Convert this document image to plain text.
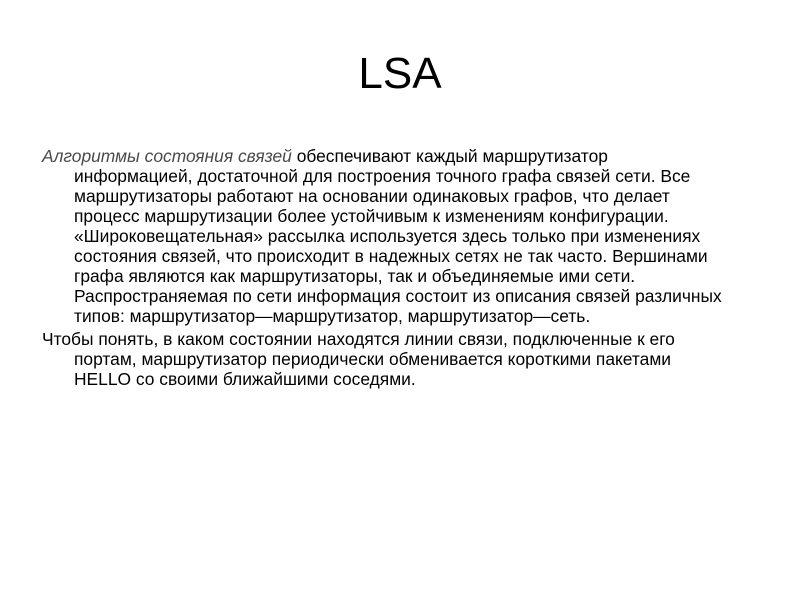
LSA

Алгоритмы состояния связей обеспечивают каждый маршрутизатор информацией, достаточной для построения точного графа связей сети. Все маршрутизаторы работают на основании одинаковых графов, что делает процесс маршрутизации более устойчивым к изменениям конфигурации. «Широковещательная» рассылка используется здесь только при изменениях состояния связей, что происходит в надежных сетях не так часто. Вершинами графа являются как маршрутизаторы, так и объединяемые ими сети. Распространяемая по сети информация состоит из описания связей различных типов: маршрутизатор—маршрутизатор, маршрутизатор—сеть.

Чтобы понять, в каком состоянии находятся линии связи, подключенные к его портам, маршрутизатор периодически обменивается короткими пакетами HELLO со своими ближайшими соседями.
